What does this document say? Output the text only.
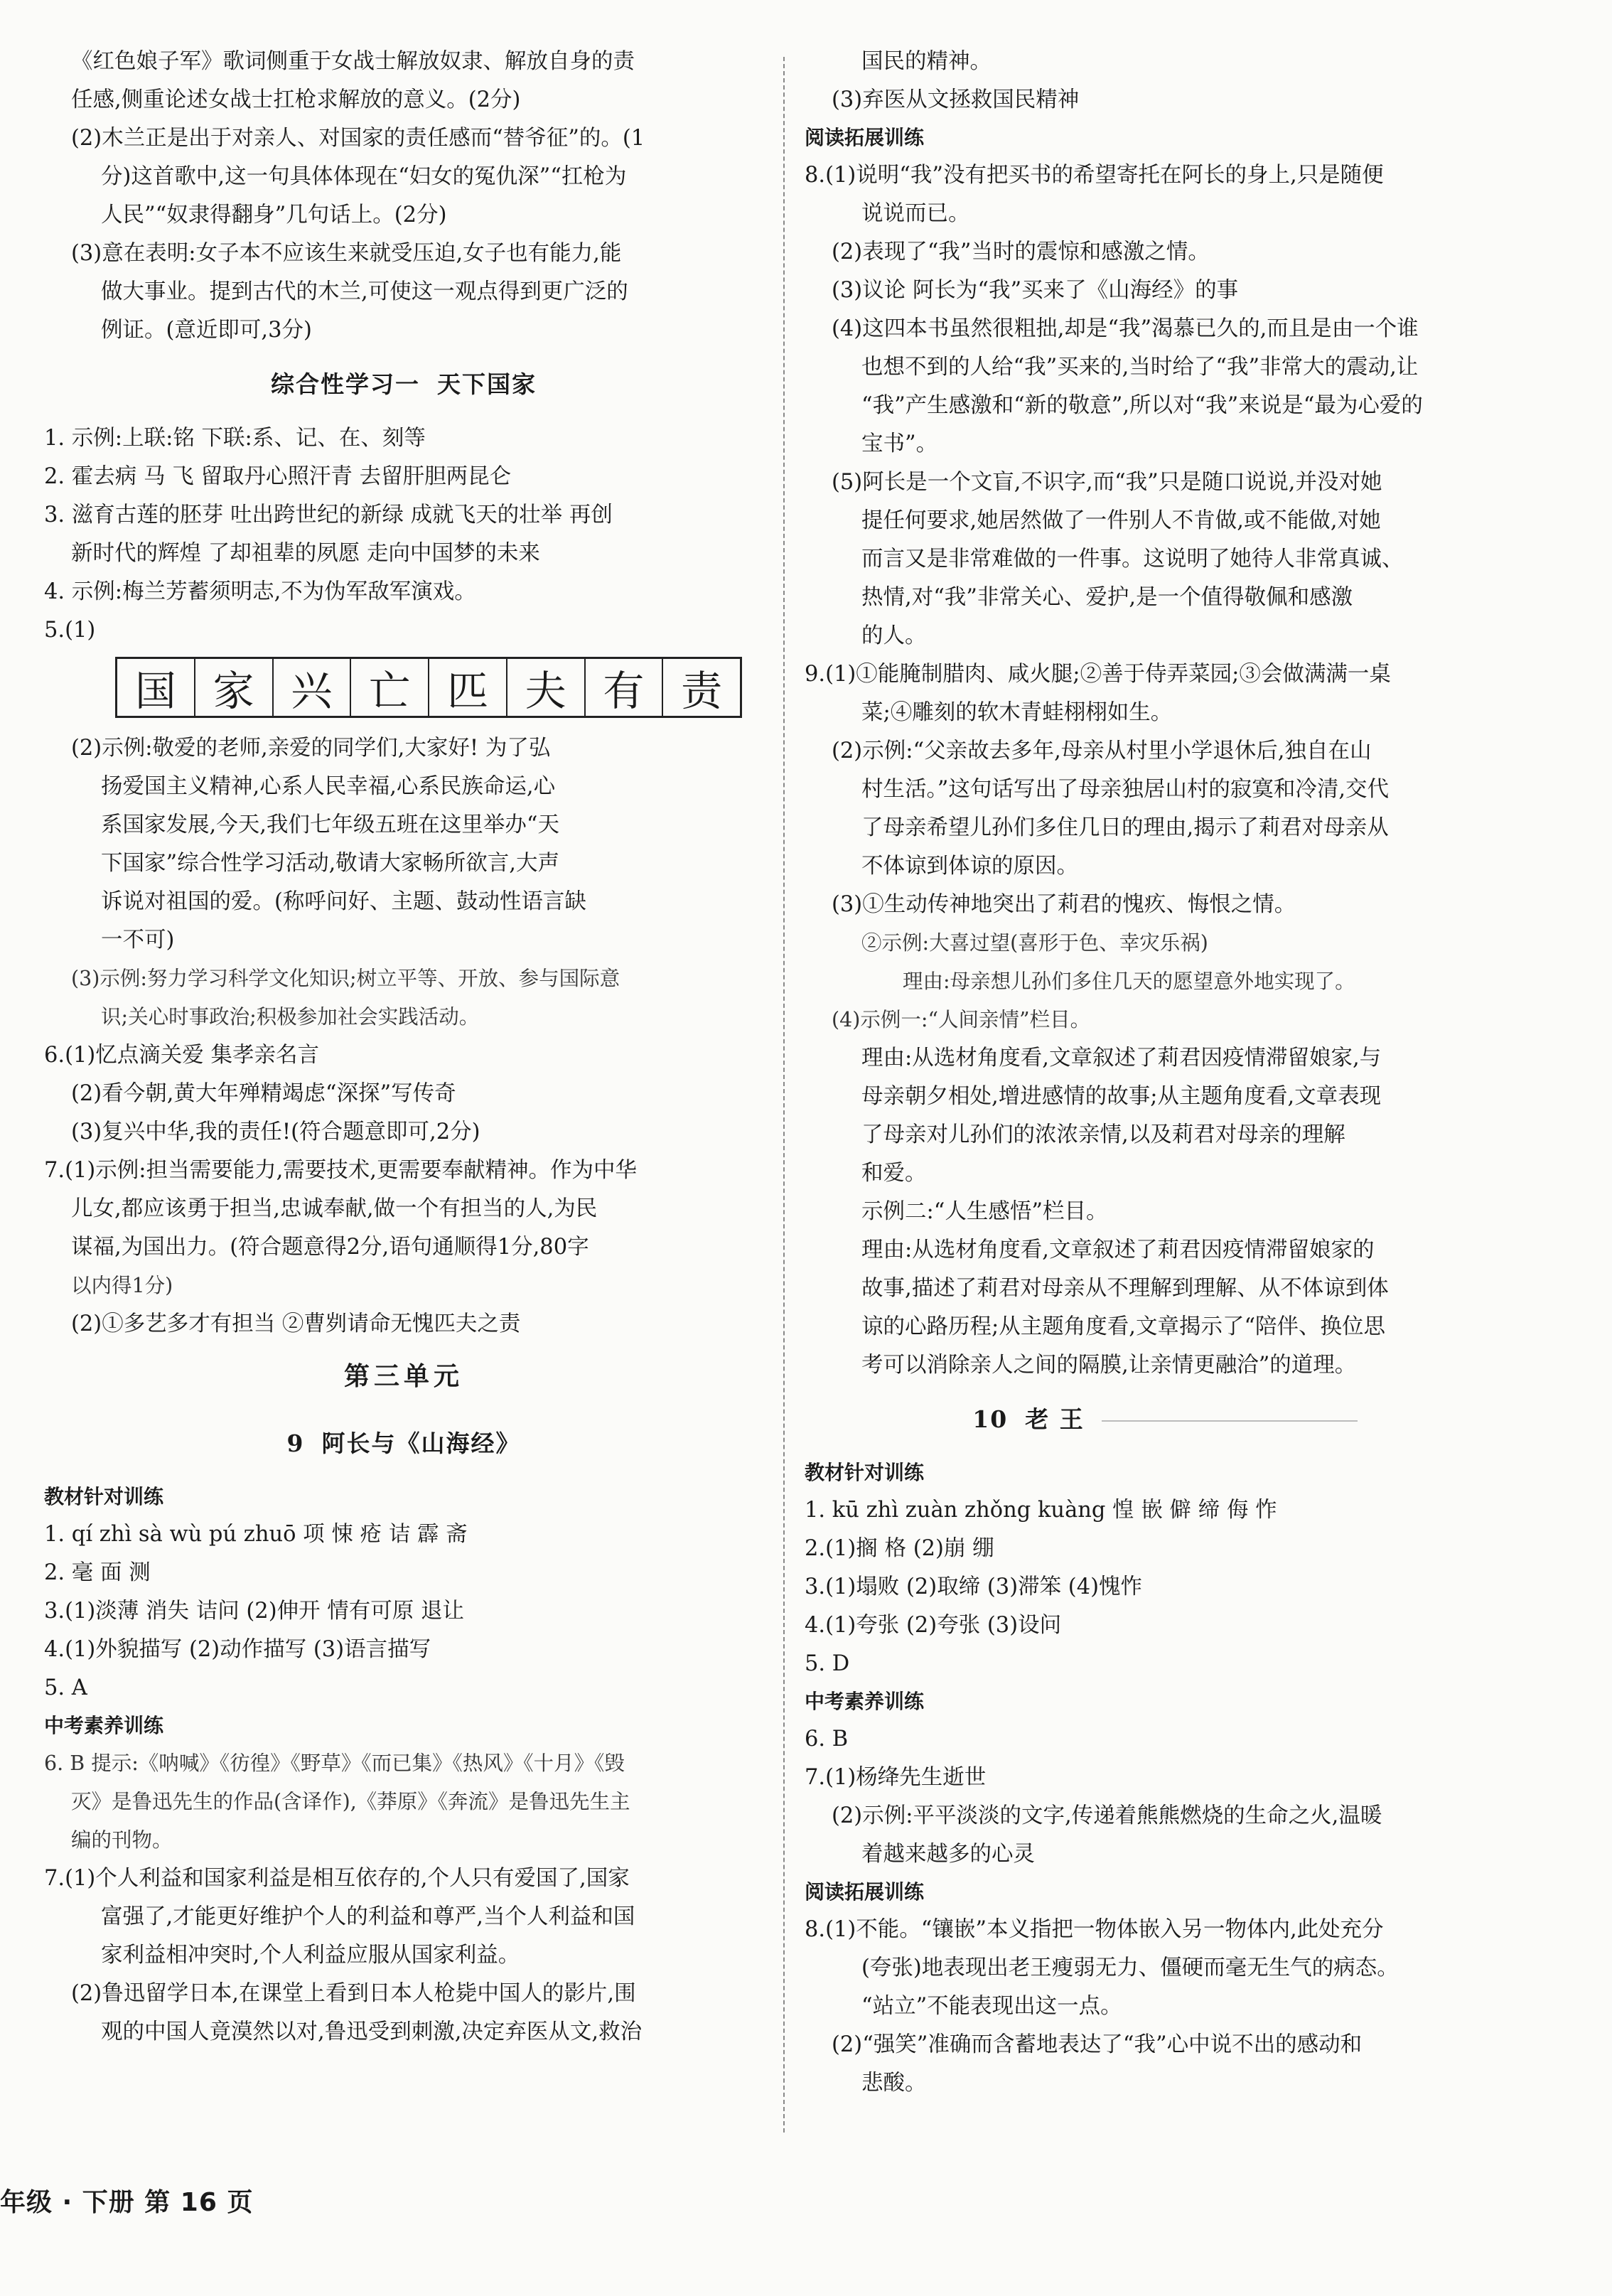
《红色娘子军》歌词侧重于女战士解放奴隶、解放自身的责
任感,侧重论述女战士扛枪求解放的意义。(2分)
(2)木兰正是出于对亲人、对国家的责任感而“替爷征”的。(1
分)这首歌中,这一句具体体现在“妇女的冤仇深”“扛枪为
人民”“奴隶得翻身”几句话上。(2分)
(3)意在表明:女子本不应该生来就受压迫,女子也有能力,能
做大事业。提到古代的木兰,可使这一观点得到更广泛的
例证。(意近即可,3分)
综合性学习一 天下国家
1. 示例:上联:铭 下联:系、记、在、刻等
2. 霍去病 马 飞 留取丹心照汗青 去留肝胆两昆仑
3. 滋育古莲的胚芽 吐出跨世纪的新绿 成就飞天的壮举 再创
新时代的辉煌 了却祖辈的夙愿 走向中国梦的未来
4. 示例:梅兰芳蓄须明志,不为伪军敌军演戏。
5.(1)
国 家 兴 亡 匹 夫 有 责
(2)示例:敬爱的老师,亲爱的同学们,大家好! 为了弘
扬爱国主义精神,心系人民幸福,心系民族命运,心
系国家发展,今天,我们七年级五班在这里举办“天
下国家”综合性学习活动,敬请大家畅所欲言,大声
诉说对祖国的爱。(称呼问好、主题、鼓动性语言缺
一不可)
(3)示例:努力学习科学文化知识;树立平等、开放、参与国际意
识;关心时事政治;积极参加社会实践活动。
6.(1)忆点滴关爱 集孝亲名言
(2)看今朝,黄大年殚精竭虑“深探”写传奇
(3)复兴中华,我的责任!(符合题意即可,2分)
7.(1)示例:担当需要能力,需要技术,更需要奉献精神。作为中华
儿女,都应该勇于担当,忠诚奉献,做一个有担当的人,为民
谋福,为国出力。(符合题意得2分,语句通顺得1分,80字
以内得1分)
(2)①多艺多才有担当 ②曹刿请命无愧匹夫之责
第三单元
9 阿长与《山海经》
教材针对训练
1. qí zhì sà wù pú zhuō 项 悚 疮 诘 霹 斋
2. 毫 面 测
3.(1)淡薄 消失 诘问 (2)伸开 情有可原 退让
4.(1)外貌描写 (2)动作描写 (3)语言描写
5. A
中考素养训练
6. B 提示:《呐喊》《彷徨》《野草》《而已集》《热风》《十月》《毁
灭》是鲁迅先生的作品(含译作),《莽原》《奔流》是鲁迅先生主
编的刊物。
7.(1)个人利益和国家利益是相互依存的,个人只有爱国了,国家
富强了,才能更好维护个人的利益和尊严,当个人利益和国
家利益相冲突时,个人利益应服从国家利益。
(2)鲁迅留学日本,在课堂上看到日本人枪毙中国人的影片,围
观的中国人竟漠然以对,鲁迅受到刺激,决定弃医从文,救治
国民的精神。
(3)弃医从文拯救国民精神
阅读拓展训练
8.(1)说明“我”没有把买书的希望寄托在阿长的身上,只是随便
说说而已。
(2)表现了“我”当时的震惊和感激之情。
(3)议论 阿长为“我”买来了《山海经》的事
(4)这四本书虽然很粗拙,却是“我”渴慕已久的,而且是由一个谁
也想不到的人给“我”买来的,当时给了“我”非常大的震动,让
“我”产生感激和“新的敬意”,所以对“我”来说是“最为心爱的
宝书”。
(5)阿长是一个文盲,不识字,而“我”只是随口说说,并没对她
提任何要求,她居然做了一件别人不肯做,或不能做,对她
而言又是非常难做的一件事。这说明了她待人非常真诚、
热情,对“我”非常关心、爱护,是一个值得敬佩和感激
的人。
9.(1)①能腌制腊肉、咸火腿;②善于侍弄菜园;③会做满满一桌
菜;④雕刻的软木青蛙栩栩如生。
(2)示例:“父亲故去多年,母亲从村里小学退休后,独自在山
村生活。”这句话写出了母亲独居山村的寂寞和冷清,交代
了母亲希望儿孙们多住几日的理由,揭示了莉君对母亲从
不体谅到体谅的原因。
(3)①生动传神地突出了莉君的愧疚、悔恨之情。
②示例:大喜过望(喜形于色、幸灾乐祸)
理由:母亲想儿孙们多住几天的愿望意外地实现了。
(4)示例一:“人间亲情”栏目。
理由:从选材角度看,文章叙述了莉君因疫情滞留娘家,与
母亲朝夕相处,增进感情的故事;从主题角度看,文章表现
了母亲对儿孙们的浓浓亲情,以及莉君对母亲的理解
和爱。
示例二:“人生感悟”栏目。
理由:从选材角度看,文章叙述了莉君因疫情滞留娘家的
故事,描述了莉君对母亲从不理解到理解、从不体谅到体
谅的心路历程;从主题角度看,文章揭示了“陪伴、换位思
考可以消除亲人之间的隔膜,让亲情更融洽”的道理。
10 老 王
教材针对训练
1. kū zhì zuàn zhǒng kuàng 惶 嵌 僻 缔 侮 怍
2.(1)搁 格 (2)崩 绷
3.(1)塌败 (2)取缔 (3)滞笨 (4)愧怍
4.(1)夸张 (2)夸张 (3)设问
5. D
中考素养训练
6. B
7.(1)杨绛先生逝世
(2)示例:平平淡淡的文字,传递着熊熊燃烧的生命之火,温暖
着越来越多的心灵
阅读拓展训练
8.(1)不能。“镶嵌”本义指把一物体嵌入另一物体内,此处充分
(夸张)地表现出老王瘦弱无力、僵硬而毫无生气的病态。
“站立”不能表现出这一点。
(2)“强笑”准确而含蓄地表达了“我”心中说不出的感动和
悲酸。
年级 · 下册 第 16 页
